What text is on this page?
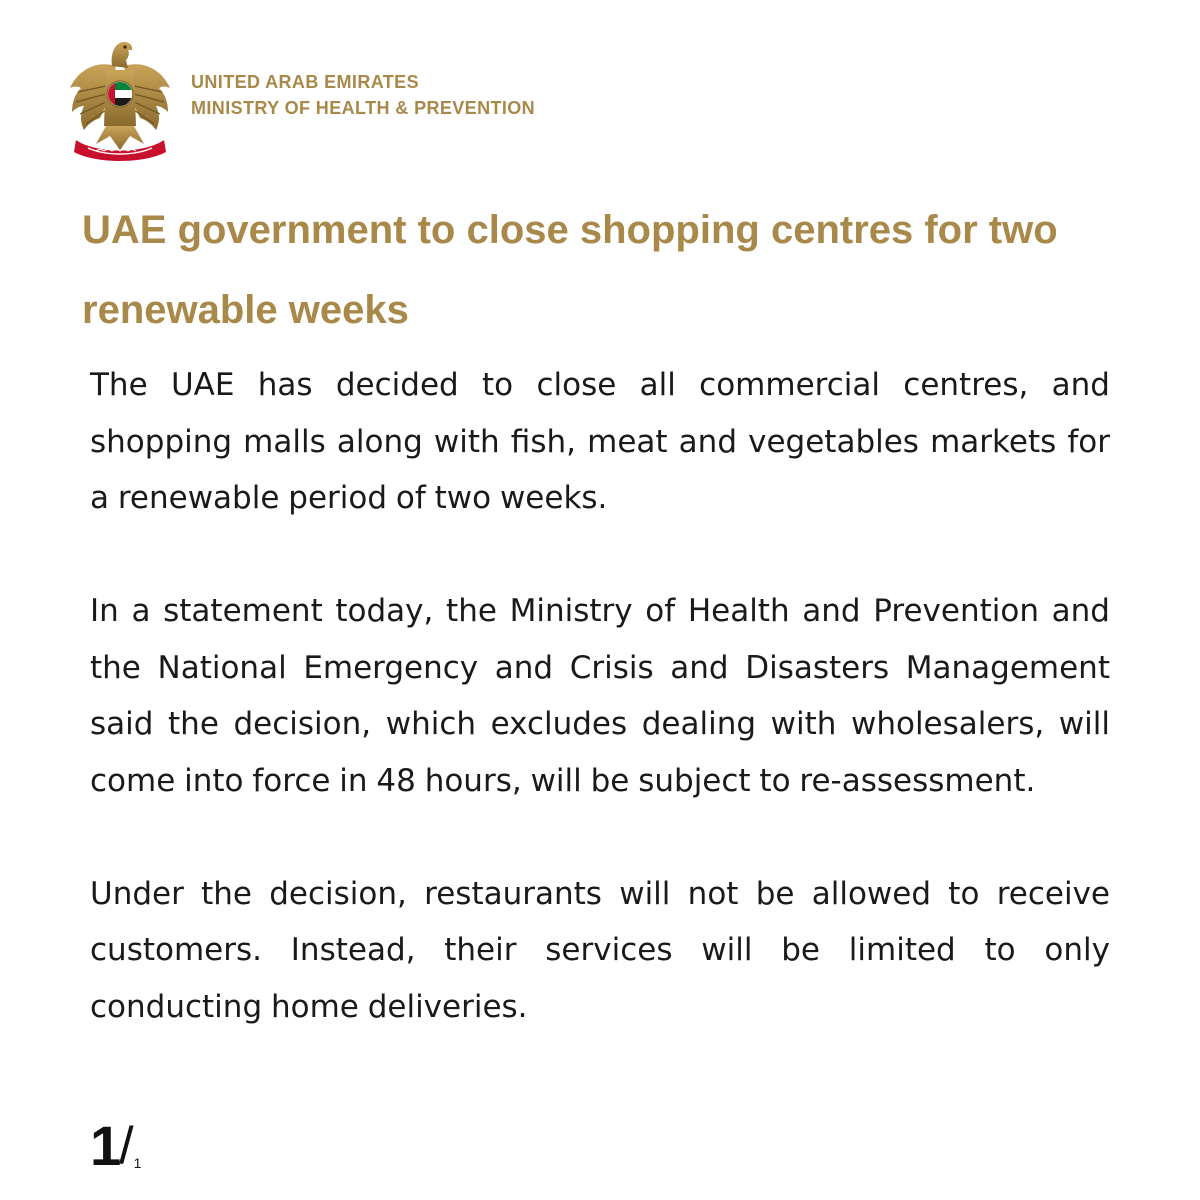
UNITED ARAB EMIRATES
MINISTRY OF HEALTH & PREVENTION
UAE government to close shopping centres for two renewable weeks

The UAE has decided to close all commercial centres, and shopping malls along with fish, meat and vegetables markets for a renewable period of two weeks.

In a statement today, the Ministry of Health and Prevention and the National Emergency and Crisis and Disasters Management said the decision, which excludes dealing with wholesalers, will come into force in 48 hours, will be subject to re-assessment.

Under the decision, restaurants will not be allowed to receive customers. Instead, their services will be limited to only conducting home deliveries.

1/1
